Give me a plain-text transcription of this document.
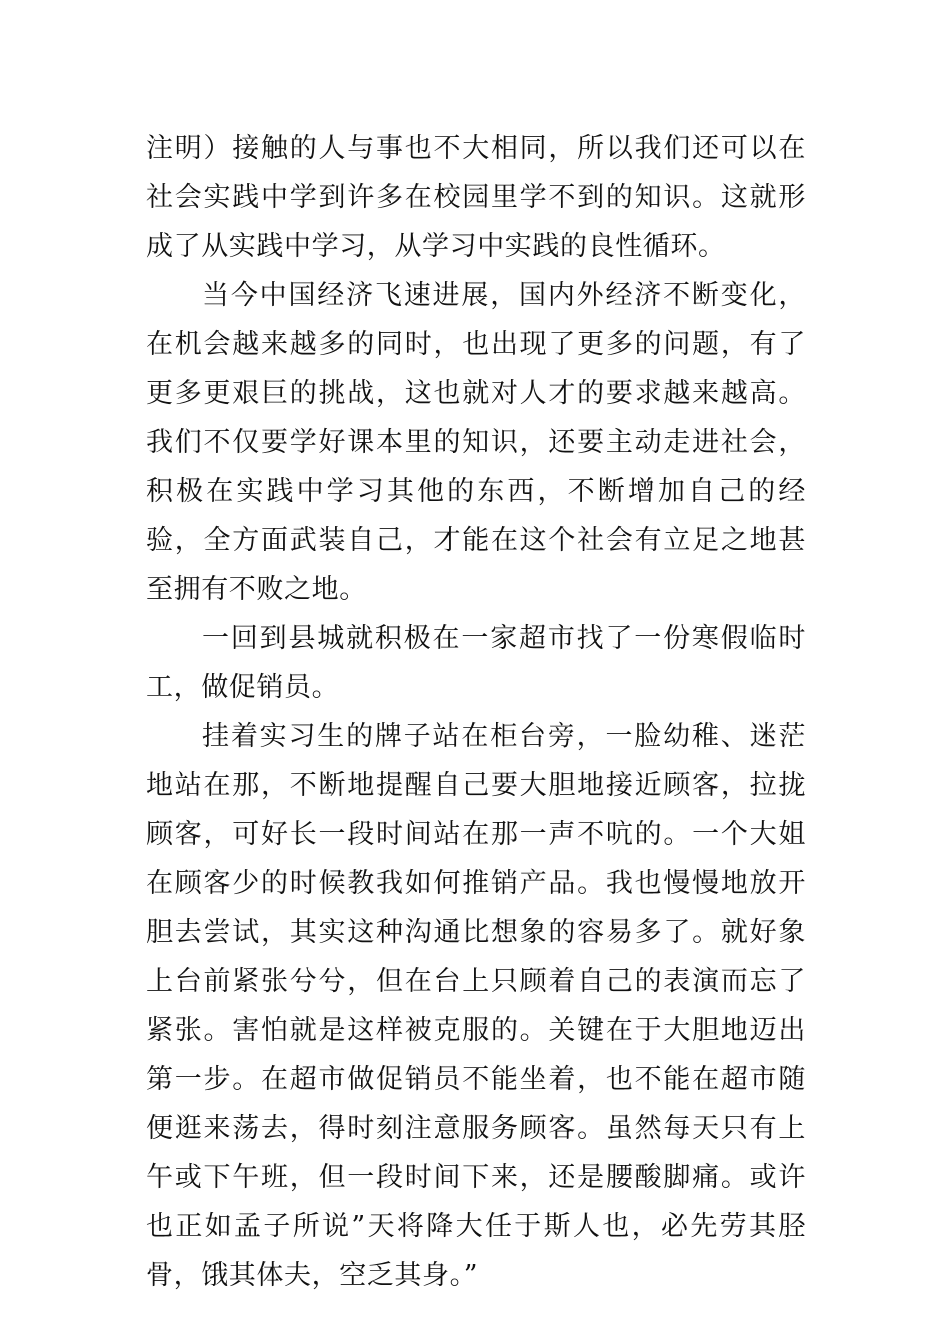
注明）接触的人与事也不大相同，所以我们还可以在社会实践中学到许多在校园里学不到的知识。这就形成了从实践中学习，从学习中实践的良性循环。

当今中国经济飞速进展，国内外经济不断变化，在机会越来越多的同时，也出现了更多的问题，有了更多更艰巨的挑战，这也就对人才的要求越来越高。我们不仅要学好课本里的知识，还要主动走进社会，积极在实践中学习其他的东西，不断增加自己的经验，全方面武装自己，才能在这个社会有立足之地甚至拥有不败之地。

一回到县城就积极在一家超市找了一份寒假临时工，做促销员。

挂着实习生的牌子站在柜台旁，一脸幼稚、迷茫地站在那，不断地提醒自己要大胆地接近顾客，拉拢顾客，可好长一段时间站在那一声不吭的。一个大姐在顾客少的时候教我如何推销产品。我也慢慢地放开胆去尝试，其实这种沟通比想象的容易多了。就好象上台前紧张兮兮，但在台上只顾着自己的表演而忘了紧张。害怕就是这样被克服的。关键在于大胆地迈出第一步。在超市做促销员不能坐着，也不能在超市随便逛来荡去，得时刻注意服务顾客。虽然每天只有上午或下午班，但一段时间下来，还是腰酸脚痛。或许也正如孟子所说”天将降大任于斯人也，必先劳其胫骨，饿其体夫，空乏其身。”
